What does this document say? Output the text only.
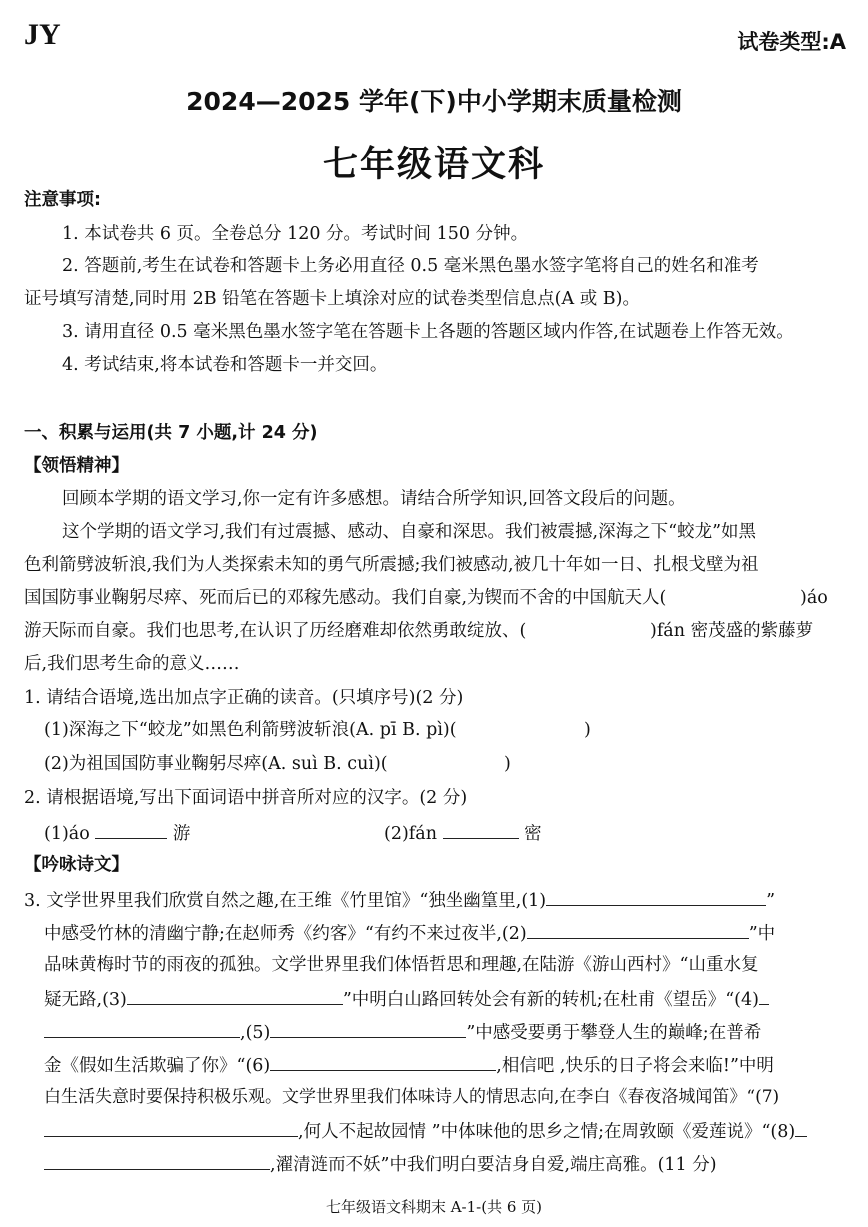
JY	试卷类型:A
2024—2025 学年(下)中小学期末质量检测
七年级语文科
注意事项:
1. 本试卷共 6 页。全卷总分 120 分。考试时间 150 分钟。
2. 答题前,考生在试卷和答题卡上务必用直径 0.5 毫米黑色墨水签字笔将自己的姓名和准考
证号填写清楚,同时用 2B 铅笔在答题卡上填涂对应的试卷类型信息点(A 或 B)。
3. 请用直径 0.5 毫米黑色墨水签字笔在答题卡上各题的答题区域内作答,在试题卷上作答无效。
4. 考试结束,将本试卷和答题卡一并交回。
一、积累与运用(共 7 小题,计 24 分)
【领悟精神】
回顾本学期的语文学习,你一定有许多感想。请结合所学知识,回答文段后的问题。
这个学期的语文学习,我们有过震撼、感动、自豪和深思。我们被震撼,深海之下“蛟龙”如黑
色利箭劈波斩浪,我们为人类探索未知的勇气所震撼;我们被感动,被几十年如一日、扎根戈壁为祖
国国防事业鞠躬尽瘁、死而后已的邓稼先感动。我们自豪,为锲而不舍的中国航天人(	)áo
游天际而自豪。我们也思考,在认识了历经磨难却依然勇敢绽放、(	)fán 密茂盛的紫藤萝
后,我们思考生命的意义……
1. 请结合语境,选出加点字正确的读音。(只填序号)(2 分)
(1)深海之下“蛟龙”如黑色利箭劈波斩浪(A. pī B. pì)(	)
(2)为祖国国防事业鞠躬尽瘁(A. suì B. cuì)(	)
2. 请根据语境,写出下面词语中拼音所对应的汉字。(2 分)
(1)áo	游	(2)fán	密
【吟咏诗文】
3. 文学世界里我们欣赏自然之趣,在王维《竹里馆》“独坐幽篁里,(1)	”
中感受竹林的清幽宁静;在赵师秀《约客》“有约不来过夜半,(2)	”中
品味黄梅时节的雨夜的孤独。文学世界里我们体悟哲思和理趣,在陆游《游山西村》“山重水复
疑无路,(3)	”中明白山路回转处会有新的转机;在杜甫《望岳》“(4)
,(5)	”中感受要勇于攀登人生的巅峰;在普希
金《假如生活欺骗了你》“(6)	,相信吧 ,快乐的日子将会来临!”中明
白生活失意时要保持积极乐观。文学世界里我们体味诗人的情思志向,在李白《春夜洛城闻笛》“(7)
,何人不起故园情 ”中体味他的思乡之情;在周敦颐《爱莲说》“(8)
,濯清涟而不妖”中我们明白要洁身自爱,端庄高雅。(11 分)
七年级语文科期末 A-1-(共 6 页)
